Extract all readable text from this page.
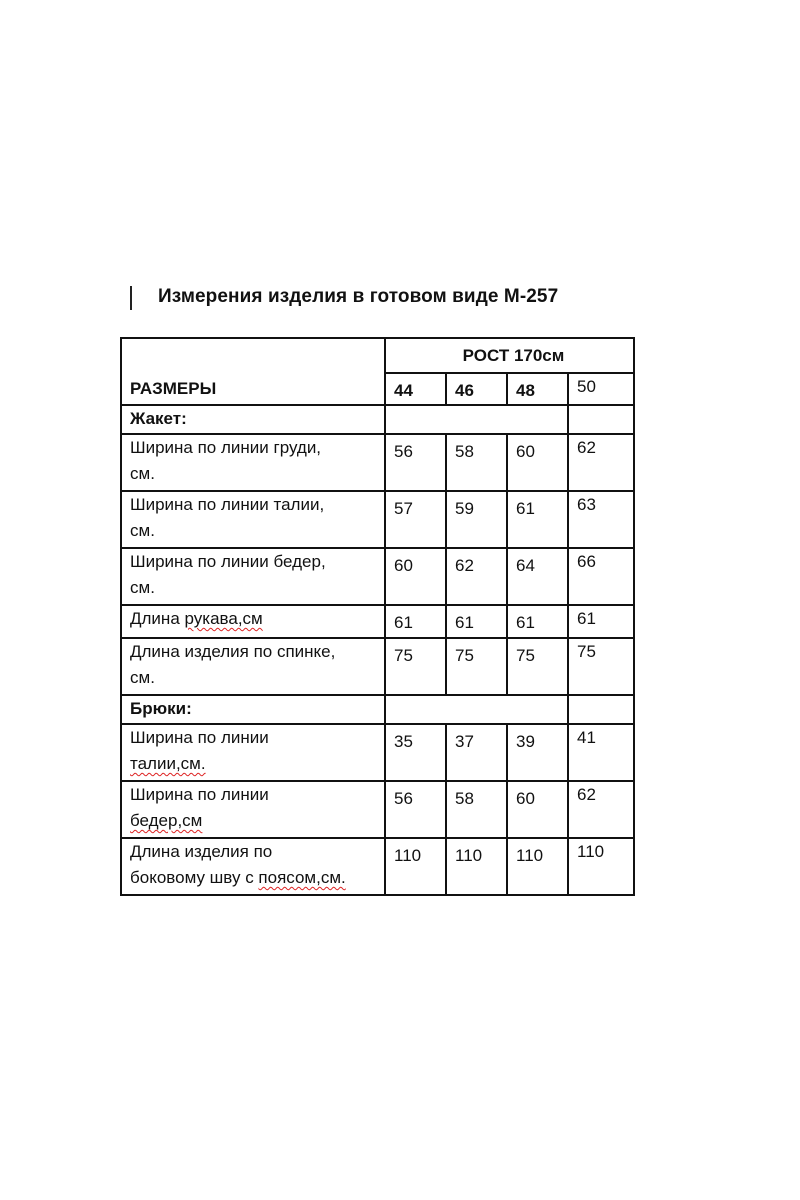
Измерения изделия в готовом виде М-257
РАЗМЕРЫ	РОСТ 170см			
	44	46	48	50
Жакет:				
Ширина по линии груди,
см.	56	58	60	62
Ширина по линии талии,
см.	57	59	61	63
Ширина по линии бедер,
см.	60	62	64	66
Длина рукава,см	61	61	61	61
Длина изделия по спинке,
см.	75	75	75	75
Брюки:				
Ширина по линии
талии,см.	35	37	39	41
Ширина по линии
бедер,см	56	58	60	62
Длина изделия по
боковому шву с поясом,см.	110	110	110	110
